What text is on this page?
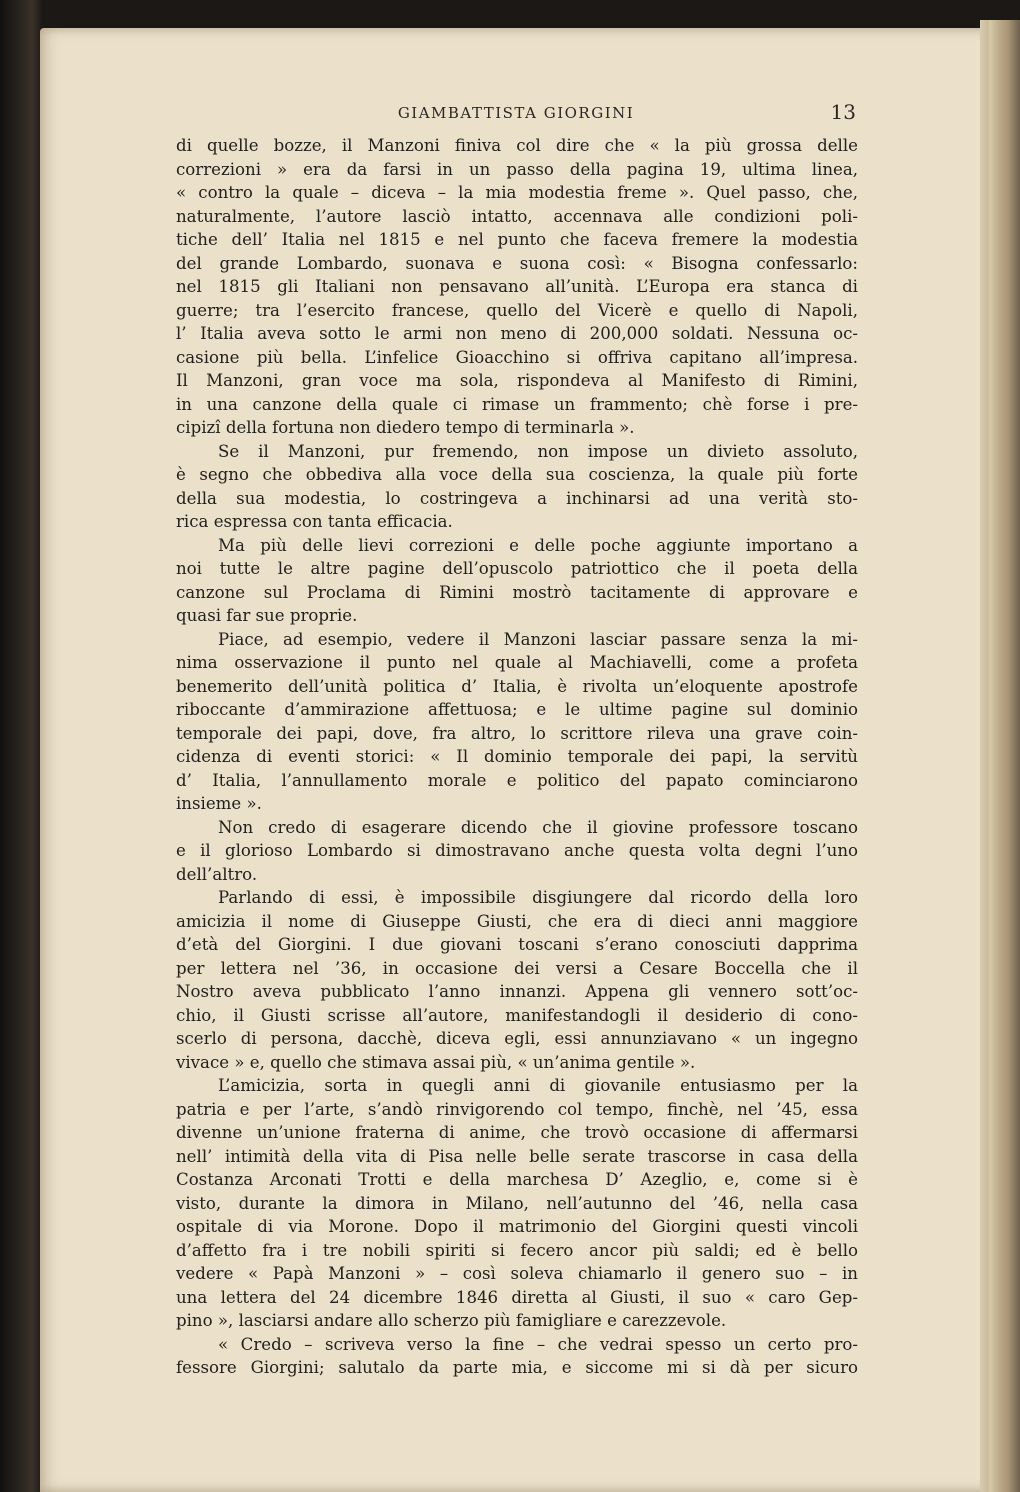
GIAMBATTISTA GIORGINI	13
di quelle bozze, il Manzoni finiva col dire che « la più grossa delle
correzioni » era da farsi in un passo della pagina 19, ultima linea,
« contro la quale – diceva – la mia modestia freme ». Quel passo, che,
naturalmente, l’autore lasciò intatto, accennava alle condizioni poli-
tiche dell’ Italia nel 1815 e nel punto che faceva fremere la modestia
del grande Lombardo, suonava e suona così: « Bisogna confessarlo:
nel 1815 gli Italiani non pensavano all’unità. L’Europa era stanca di
guerre; tra l’esercito francese, quello del Vicerè e quello di Napoli,
l’ Italia aveva sotto le armi non meno di 200,000 soldati. Nessuna oc-
casione più bella. L’infelice Gioacchino si offriva capitano all’impresa.
Il Manzoni, gran voce ma sola, rispondeva al Manifesto di Rimini,
in una canzone della quale ci rimase un frammento; chè forse i pre-
cipizî della fortuna non diedero tempo di terminarla ».
Se il Manzoni, pur fremendo, non impose un divieto assoluto,
è segno che obbediva alla voce della sua coscienza, la quale più forte
della sua modestia, lo costringeva a inchinarsi ad una verità sto-
rica espressa con tanta efficacia.
Ma più delle lievi correzioni e delle poche aggiunte importano a
noi tutte le altre pagine dell’opuscolo patriottico che il poeta della
canzone sul Proclama di Rimini mostrò tacitamente di approvare e
quasi far sue proprie.
Piace, ad esempio, vedere il Manzoni lasciar passare senza la mi-
nima osservazione il punto nel quale al Machiavelli, come a profeta
benemerito dell’unità politica d’ Italia, è rivolta un’eloquente apostrofe
riboccante d’ammirazione affettuosa; e le ultime pagine sul dominio
temporale dei papi, dove, fra altro, lo scrittore rileva una grave coin-
cidenza di eventi storici: « Il dominio temporale dei papi, la servitù
d’ Italia, l’annullamento morale e politico del papato cominciarono
insieme ».
Non credo di esagerare dicendo che il giovine professore toscano
e il glorioso Lombardo si dimostravano anche questa volta degni l’uno
dell’altro.
Parlando di essi, è impossibile disgiungere dal ricordo della loro
amicizia il nome di Giuseppe Giusti, che era di dieci anni maggiore
d’età del Giorgini. I due giovani toscani s’erano conosciuti dapprima
per lettera nel ’36, in occasione dei versi a Cesare Boccella che il
Nostro aveva pubblicato l’anno innanzi. Appena gli vennero sott’oc-
chio, il Giusti scrisse all’autore, manifestandogli il desiderio di cono-
scerlo di persona, dacchè, diceva egli, essi annunziavano « un ingegno
vivace » e, quello che stimava assai più, « un’anima gentile ».
L’amicizia, sorta in quegli anni di giovanile entusiasmo per la
patria e per l’arte, s’andò rinvigorendo col tempo, finchè, nel ’45, essa
divenne un’unione fraterna di anime, che trovò occasione di affermarsi
nell’ intimità della vita di Pisa nelle belle serate trascorse in casa della
Costanza Arconati Trotti e della marchesa D’ Azeglio, e, come si è
visto, durante la dimora in Milano, nell’autunno del ’46, nella casa
ospitale di via Morone. Dopo il matrimonio del Giorgini questi vincoli
d’affetto fra i tre nobili spiriti si fecero ancor più saldi; ed è bello
vedere « Papà Manzoni » – così soleva chiamarlo il genero suo – in
una lettera del 24 dicembre 1846 diretta al Giusti, il suo « caro Gep-
pino », lasciarsi andare allo scherzo più famigliare e carezzevole.
« Credo – scriveva verso la fine – che vedrai spesso un certo pro-
fessore Giorgini; salutalo da parte mia, e siccome mi si dà per sicuro
